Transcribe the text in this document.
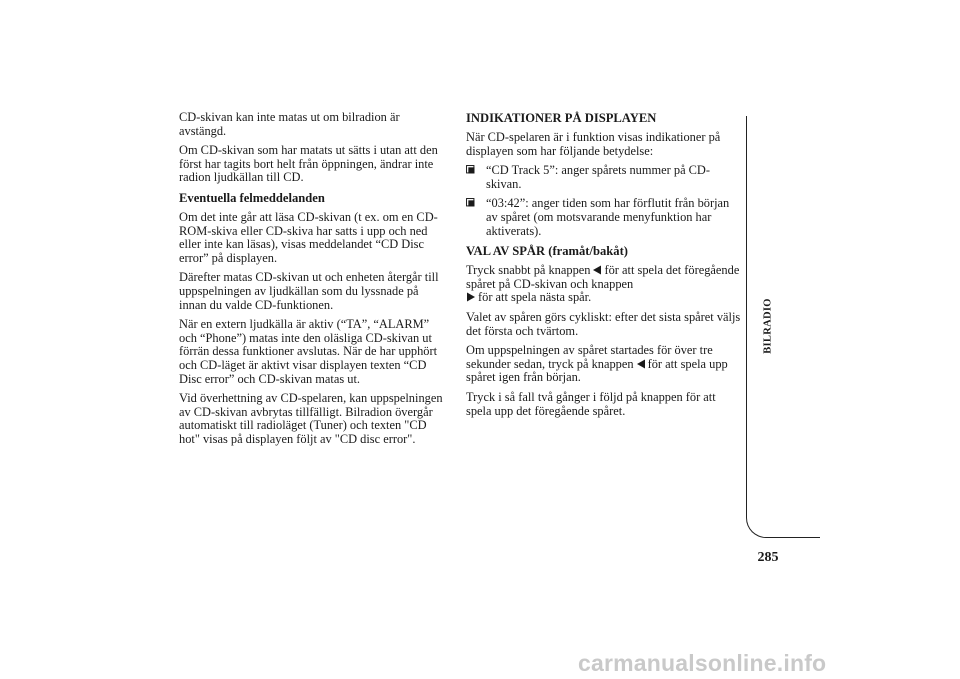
CD-skivan kan inte matas ut om bilradion är avstängd.

Om CD-skivan som har matats ut sätts i utan att den först har tagits bort helt från öppningen, ändrar inte radion ljudkällan till CD.

Eventuella felmeddelanden

Om det inte går att läsa CD-skivan (t ex. om en CD-ROM-skiva eller CD-skiva har satts i upp och ned eller inte kan läsas), visas meddelandet “CD Disc error” på displayen.

Därefter matas CD-skivan ut och enheten återgår till uppspelningen av ljudkällan som du lyssnade på innan du valde CD-funktionen.

När en extern ljudkälla är aktiv (“TA”, “ALARM” och “Phone”) matas inte den oläsliga CD-skivan ut förrän dessa funktioner avslutas. När de har upphört och CD-läget är aktivt visar displayen texten “CD Disc error” och CD-skivan matas ut.

Vid överhettning av CD-spelaren, kan uppspelningen av CD-skivan avbrytas tillfälligt. Bilradion övergår automatiskt till radioläget (Tuner) och texten "CD hot" visas på displayen följt av "CD disc error".

INDIKATIONER PÅ DISPLAYEN

När CD-spelaren är i funktion visas indikationer på displayen som har följande betydelse:

“CD Track 5”: anger spårets nummer på CD-skivan.
“03:42”: anger tiden som har förflutit från början av spåret (om motsvarande menyfunktion har aktiverats).
VAL AV SPÅR (framåt/bakåt)

Tryck snabbt på knappen för att spela det föregående spåret på CD-skivan och knappen
för att spela nästa spår.

Valet av spåren görs cykliskt: efter det sista spåret väljs det första och tvärtom.

Om uppspelningen av spåret startades för över tre sekunder sedan, tryck på knappen för att spela upp spåret igen från början.

Tryck i så fall två gånger i följd på knappen för att spela upp det föregående spåret.

BILRADIO
285
carmanualsonline.info
